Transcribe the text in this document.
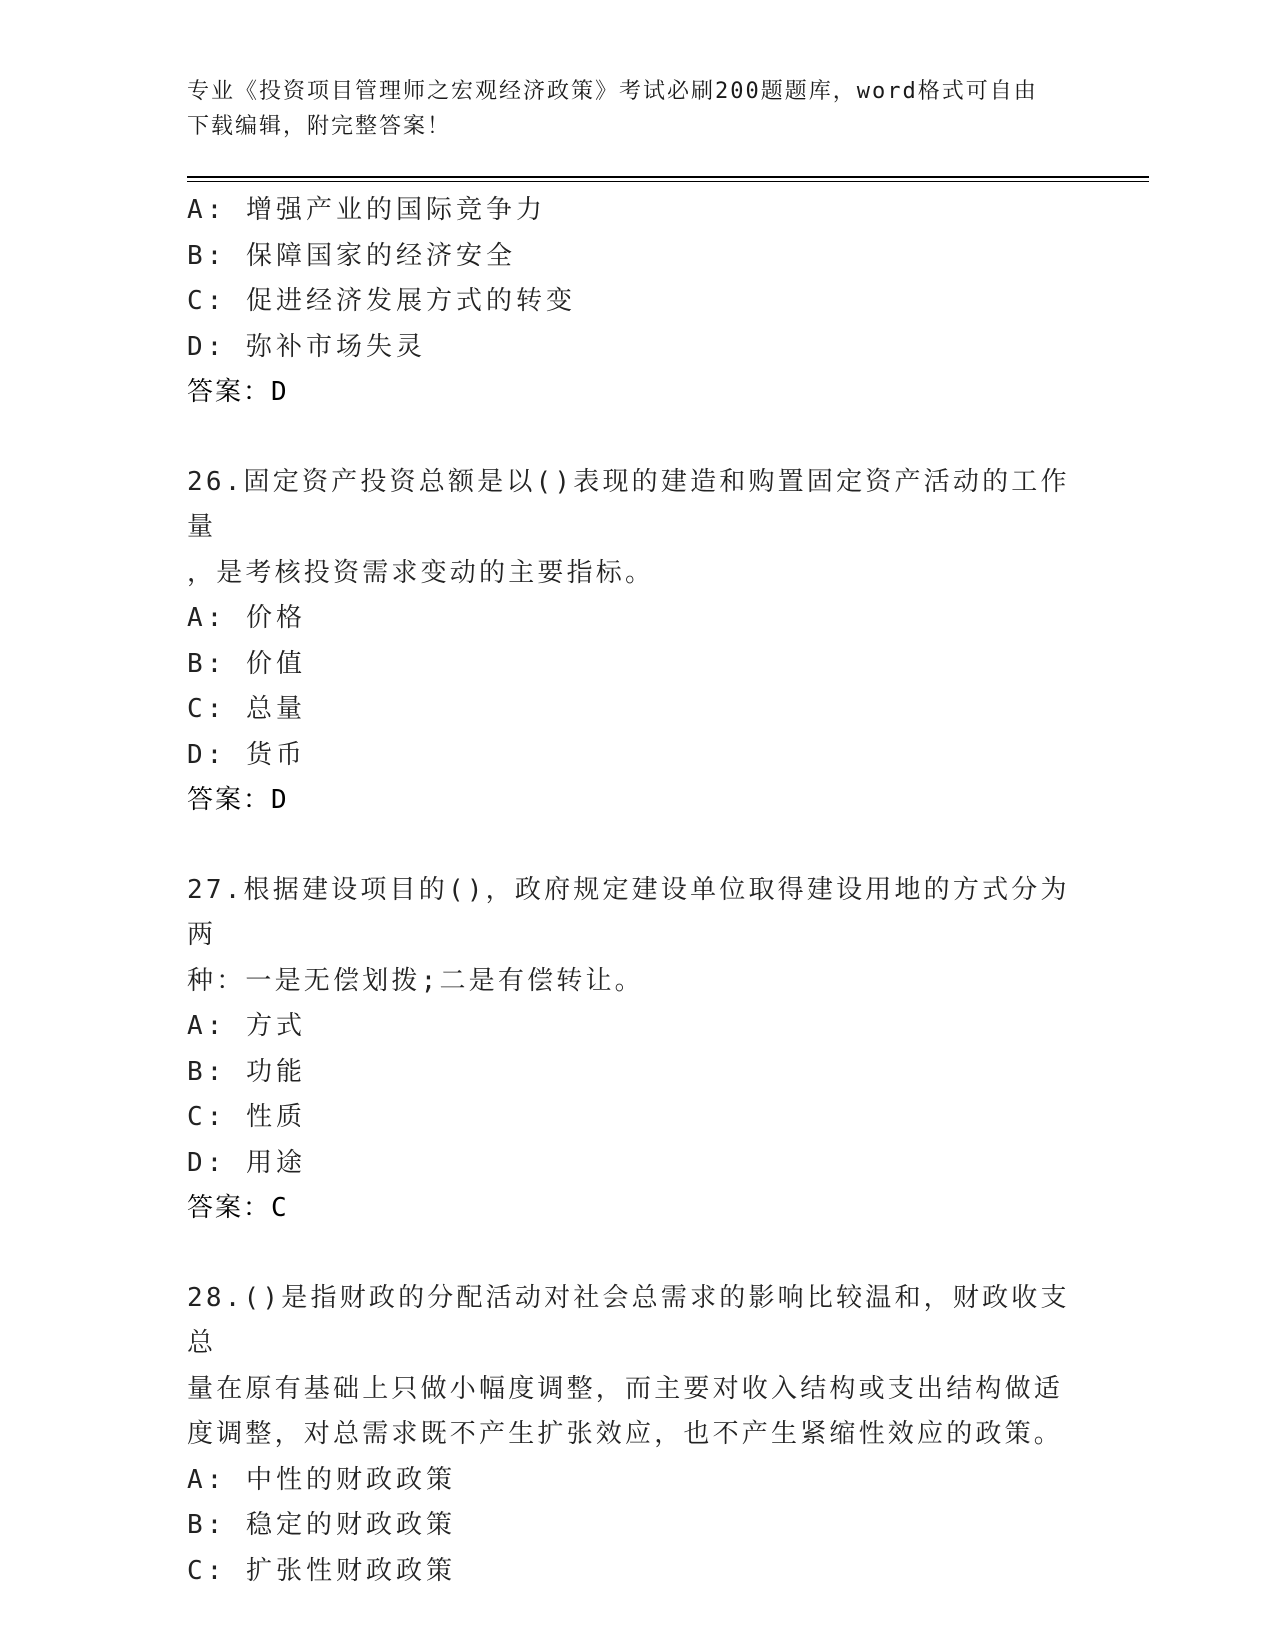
专业《投资项目管理师之宏观经济政策》考试必刷200题题库，word格式可自由
下载编辑，附完整答案！
A: 增强产业的国际竞争力
B: 保障国家的经济安全
C: 促进经济发展方式的转变
D: 弥补市场失灵
答案：D
26.固定资产投资总额是以()表现的建造和购置固定资产活动的工作量
，是考核投资需求变动的主要指标。
A: 价格
B: 价值
C: 总量
D: 货币
答案：D
27.根据建设项目的()，政府规定建设单位取得建设用地的方式分为两
种：一是无偿划拨;二是有偿转让。
A: 方式
B: 功能
C: 性质
D: 用途
答案：C
28.()是指财政的分配活动对社会总需求的影响比较温和，财政收支总
量在原有基础上只做小幅度调整，而主要对收入结构或支出结构做适
度调整，对总需求既不产生扩张效应，也不产生紧缩性效应的政策。
A: 中性的财政政策
B: 稳定的财政政策
C: 扩张性财政政策
